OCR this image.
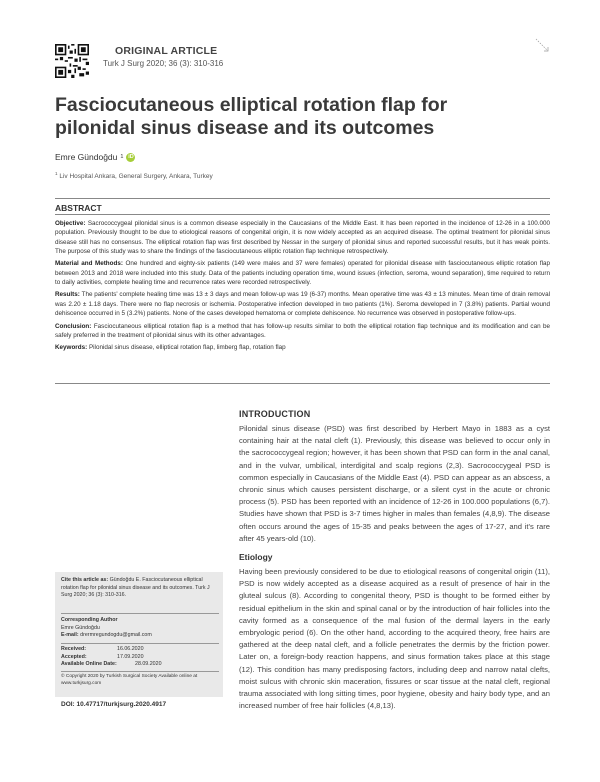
ORIGINAL ARTICLE
Turk J Surg 2020; 36 (3): 310-316
Fasciocutaneous elliptical rotation flap for pilonidal sinus disease and its outcomes
Emre Gündoğdu 1 iD
$^1$ Liv Hospital Ankara, General Surgery, Ankara, Turkey
ABSTRACT

Objective: Sacrococcygeal pilonidal sinus is a common disease especially in the Caucasians of the Middle East. It has been reported in the incidence of 12-26 in a 100.000 population. Previously thought to be due to etiological reasons of congenital origin, it is now widely accepted as an acquired disease. The optimal treatment for pilonidal sinus disease still has no consensus. The elliptical rotation flap was first described by Nessar in the surgery of pilonidal sinus and reported successful results, but it has weak points. The purpose of this study was to share the findings of the fasciocutaneous elliptic rotation flap technique retrospectively.

Material and Methods: One hundred and eighty-six patients (149 were males and 37 were females) operated for pilonidal disease with fasciocutaneous elliptic rotation flap between 2013 and 2018 were included into this study. Data of the patients including operation time, wound issues (infection, seroma, wound separation), time required to return to daily activities, complete healing time and recurrence rates were recorded retrospectively.

Results: The patients' complete healing time was 13 ± 3 days and mean follow-up was 19 (6-37) months. Mean operative time was 43 ± 13 minutes. Mean time of drain removal was 2.20 ± 1.18 days. There were no flap necrosis or ischemia. Postoperative infection developed in two patients (1%). Seroma developed in 7 (3.8%) patients. Partial wound dehiscence occurred in 5 (3.2%) patients. None of the cases developed hematoma or complete dehiscence. No recurrence was observed in postoperative follow-ups.

Conclusion: Fasciocutaneous elliptical rotation flap is a method that has follow-up results similar to both the elliptical rotation flap technique and its modification and can be safely preferred in the treatment of pilonidal sinus with its other advantages.

Keywords: Pilonidal sinus disease, elliptical rotation flap, limberg flap, rotation flap

Cite this article as: Gündoğdu E. Fasciocutaneous elliptical rotation flap for pilonidal sinus disease and its outcomes. Turk J Surg 2020; 36 (3): 310-316.
Corresponding Author
Emre Gündoğdu
E-mail: drermregundogdu@gmail.com
Received:	16.06.2020
Accepted:	17.09.2020
Available Online Date:	28.09.2020
© Copyright 2020 by Turkish Surgical Society Available online at www.turkjsurg.com
DOI: 10.47717/turkjsurg.2020.4917
INTRODUCTION
Pilonidal sinus disease (PSD) was first described by Herbert Mayo in 1883 as a cyst containing hair at the natal cleft (1). Previously, this disease was believed to occur only in the sacrococcygeal region; however, it has been shown that PSD can form in the anal canal, and in the vulvar, umbilical, interdigital and scalp regions (2,3). Sacrococcygeal PSD is common especially in Caucasians of the Middle East (4). PSD can appear as an abscess, a chronic sinus which causes persistent discharge, or a silent cyst in the acute or chronic process (5). PSD has been reported with an incidence of 12-26 in 100.000 populations (6,7). Studies have shown that PSD is 3-7 times higher in males than females (4,8,9). The disease often occurs around the ages of 15-35 and peaks between the ages of 17-27, and it's rare after 45 years-old (10).
Etiology
Having been previously considered to be due to etiological reasons of congenital origin (11), PSD is now widely accepted as a disease acquired as a result of presence of hair in the gluteal sulcus (8). According to congenital theory, PSD is thought to be formed either by residual epithelium in the skin and spinal canal or by the introduction of hair follicles into the cavity formed as a consequence of the mal fusion of the dermal layers in the early embryologic period (6). On the other hand, according to the acquired theory, free hairs are gathered at the deep natal cleft, and a follicle penetrates the dermis by the friction power. Later on, a foreign-body reaction happens, and sinus formation takes place at this stage (12). This condition has many predisposing factors, including deep and narrow natal clefts, moist sulcus with chronic skin maceration, fissures or scar tissue at the natal cleft, regional trauma associated with long sitting times, poor hygiene, obesity and hairy body type, and an increased number of free hair follicles (4,8,13).
